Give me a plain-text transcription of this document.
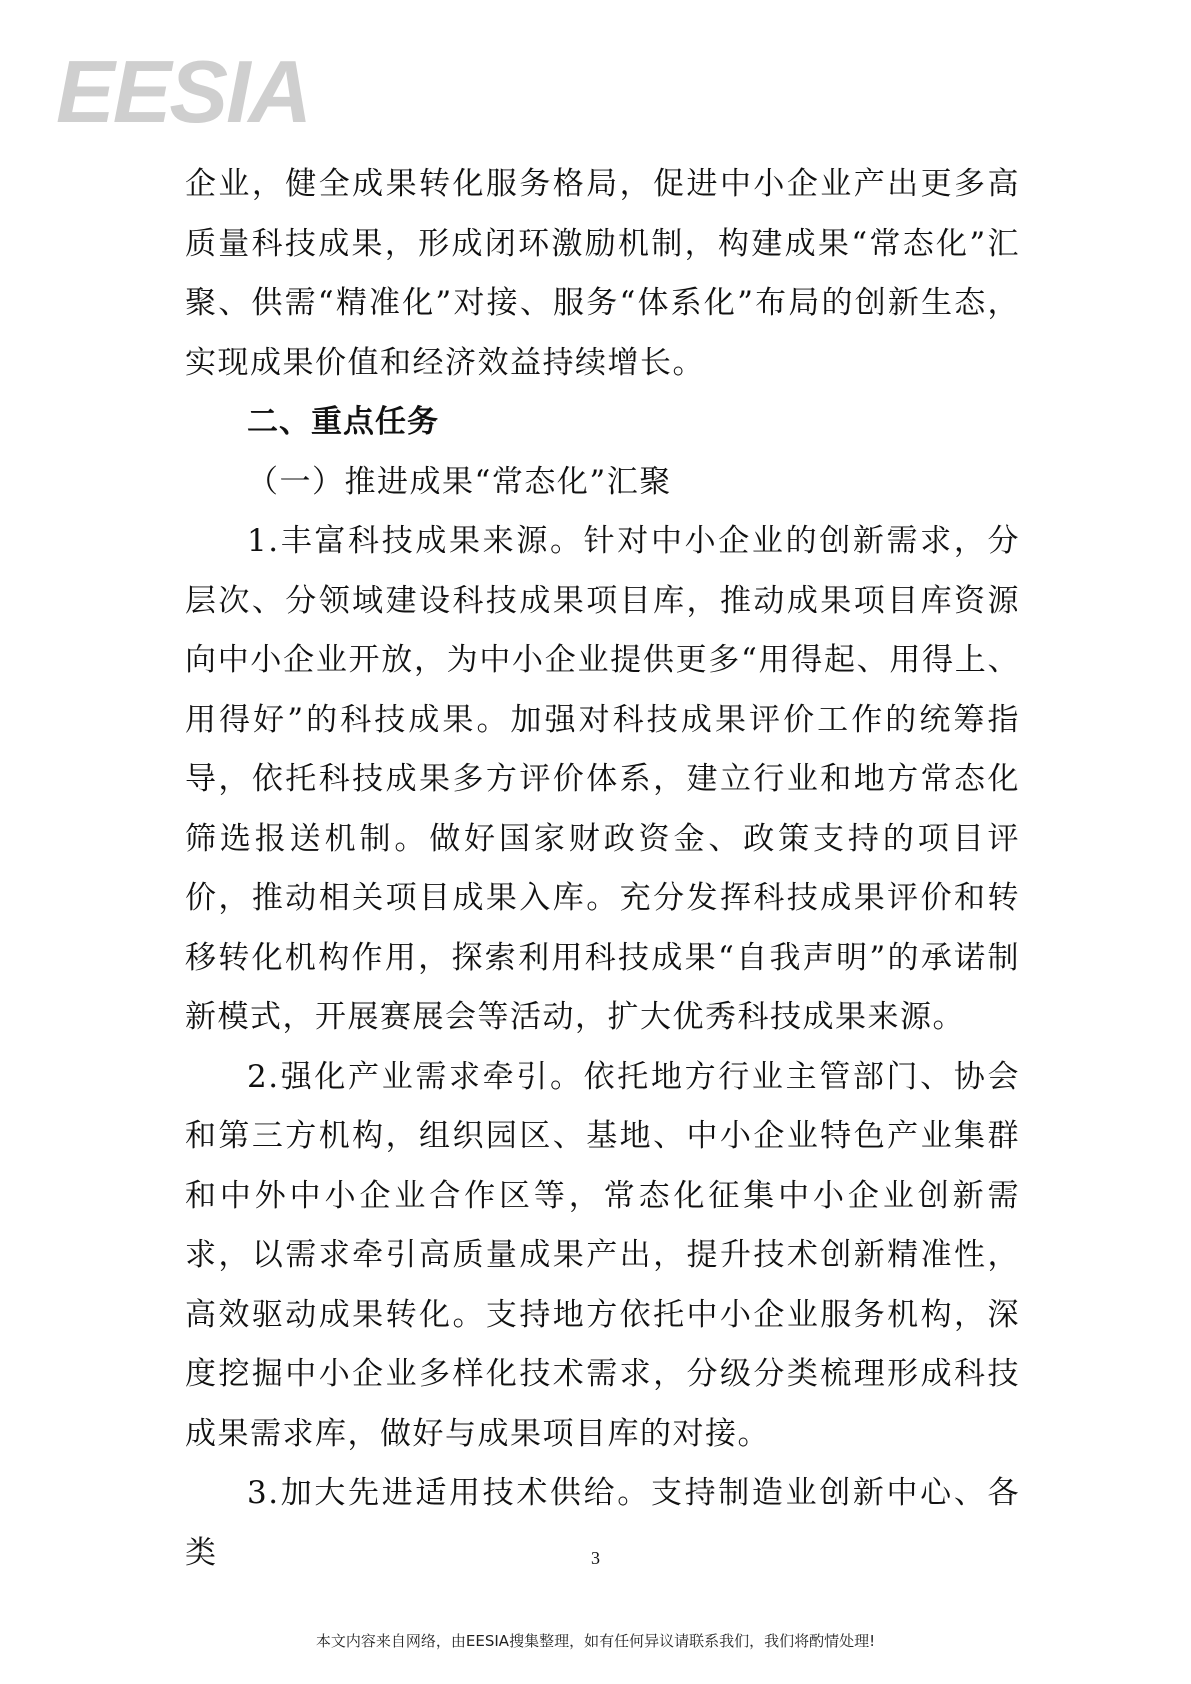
EESIA

企业，健全成果转化服务格局，促进中小企业产出更多高质量科技成果，形成闭环激励机制，构建成果“常态化”汇聚、供需“精准化”对接、服务“体系化”布局的创新生态，实现成果价值和经济效益持续增长。

二、重点任务

（一）推进成果“常态化”汇聚

1.丰富科技成果来源。针对中小企业的创新需求，分层次、分领域建设科技成果项目库，推动成果项目库资源向中小企业开放，为中小企业提供更多“用得起、用得上、用得好”的科技成果。加强对科技成果评价工作的统筹指导，依托科技成果多方评价体系，建立行业和地方常态化筛选报送机制。做好国家财政资金、政策支持的项目评价，推动相关项目成果入库。充分发挥科技成果评价和转移转化机构作用，探索利用科技成果“自我声明”的承诺制新模式，开展赛展会等活动，扩大优秀科技成果来源。

2.强化产业需求牵引。依托地方行业主管部门、协会和第三方机构，组织园区、基地、中小企业特色产业集群和中外中小企业合作区等，常态化征集中小企业创新需求，以需求牵引高质量成果产出，提升技术创新精准性，高效驱动成果转化。支持地方依托中小企业服务机构，深度挖掘中小企业多样化技术需求，分级分类梳理形成科技成果需求库，做好与成果项目库的对接。

3.加大先进适用技术供给。支持制造业创新中心、各类	3
本文内容来自网络，由EESIA搜集整理，如有任何异议请联系我们，我们将酌情处理!
